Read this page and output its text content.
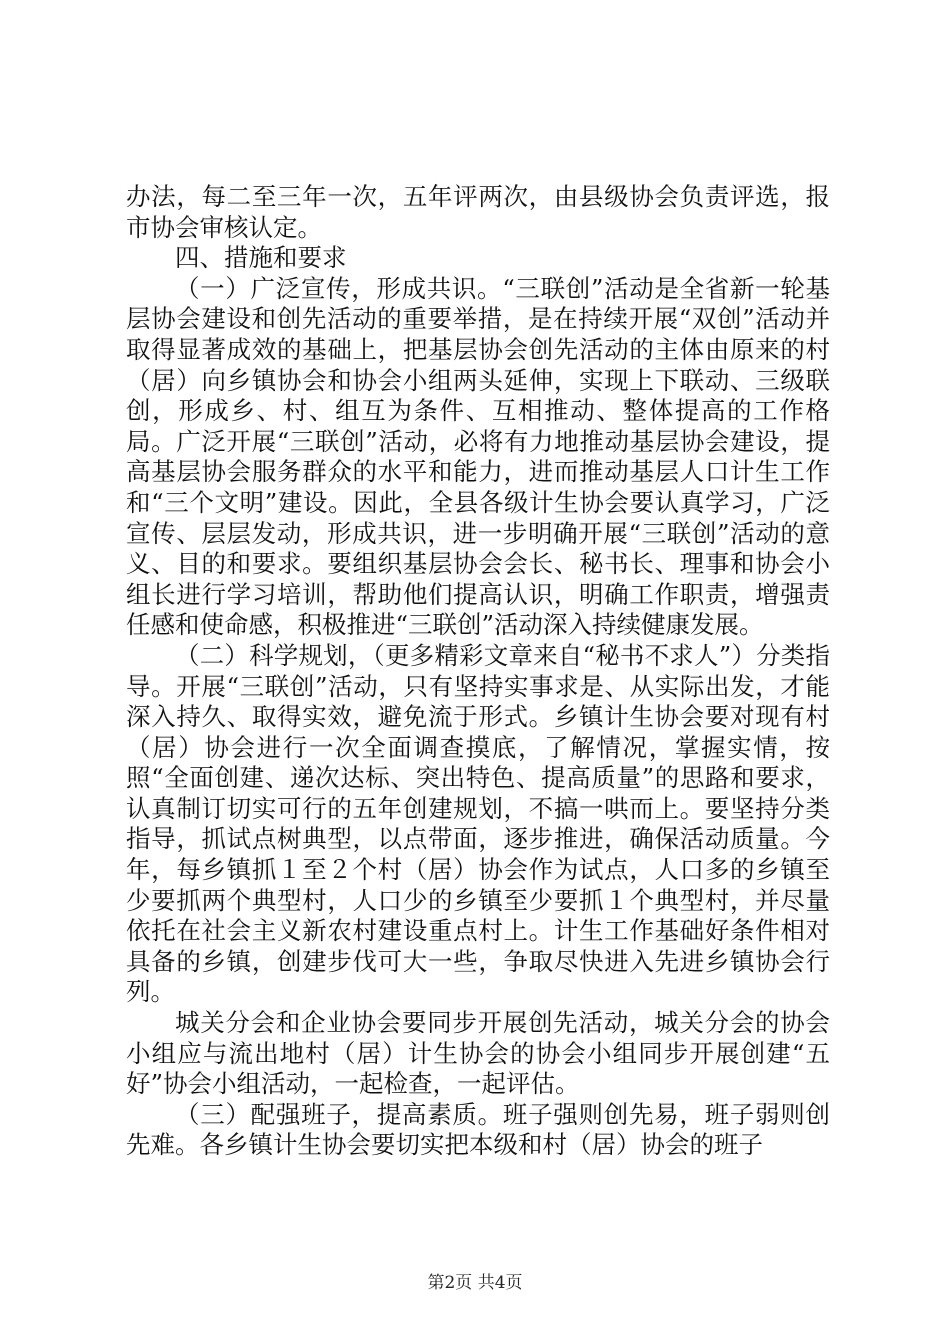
办法，每二至三年一次，五年评两次，由县级协会负责评选，报市协会审核认定。

四、措施和要求

（一）广泛宣传，形成共识。“三联创”活动是全省新一轮基层协会建设和创先活动的重要举措，是在持续开展“双创”活动并取得显著成效的基础上，把基层协会创先活动的主体由原来的村（居）向乡镇协会和协会小组两头延伸，实现上下联动、三级联创，形成乡、村、组互为条件、互相推动、整体提高的工作格局。广泛开展“三联创”活动，必将有力地推动基层协会建设，提高基层协会服务群众的水平和能力，进而推动基层人口计生工作和“三个文明”建设。因此，全县各级计生协会要认真学习，广泛宣传、层层发动，形成共识，进一步明确开展“三联创”活动的意义、目的和要求。要组织基层协会会长、秘书长、理事和协会小组长进行学习培训，帮助他们提高认识，明确工作职责，增强责任感和使命感，积极推进“三联创”活动深入持续健康发展。

（二）科学规划，（更多精彩文章来自“秘书不求人”）分类指导。开展“三联创”活动，只有坚持实事求是、从实际出发，才能深入持久、取得实效，避免流于形式。乡镇计生协会要对现有村（居）协会进行一次全面调查摸底，了解情况，掌握实情，按照“全面创建、递次达标、突出特色、提高质量”的思路和要求，认真制订切实可行的五年创建规划，不搞一哄而上。要坚持分类指导，抓试点树典型，以点带面，逐步推进，确保活动质量。今年，每乡镇抓１至２个村（居）协会作为试点，人口多的乡镇至少要抓两个典型村，人口少的乡镇至少要抓１个典型村，并尽量依托在社会主义新农村建设重点村上。计生工作基础好条件相对具备的乡镇，创建步伐可大一些，争取尽快进入先进乡镇协会行列。

城关分会和企业协会要同步开展创先活动，城关分会的协会小组应与流出地村（居）计生协会的协会小组同步开展创建“五好”协会小组活动，一起检查，一起评估。

（三）配强班子，提高素质。班子强则创先易，班子弱则创先难。各乡镇计生协会要切实把本级和村（居）协会的班子

第2页 共4页
